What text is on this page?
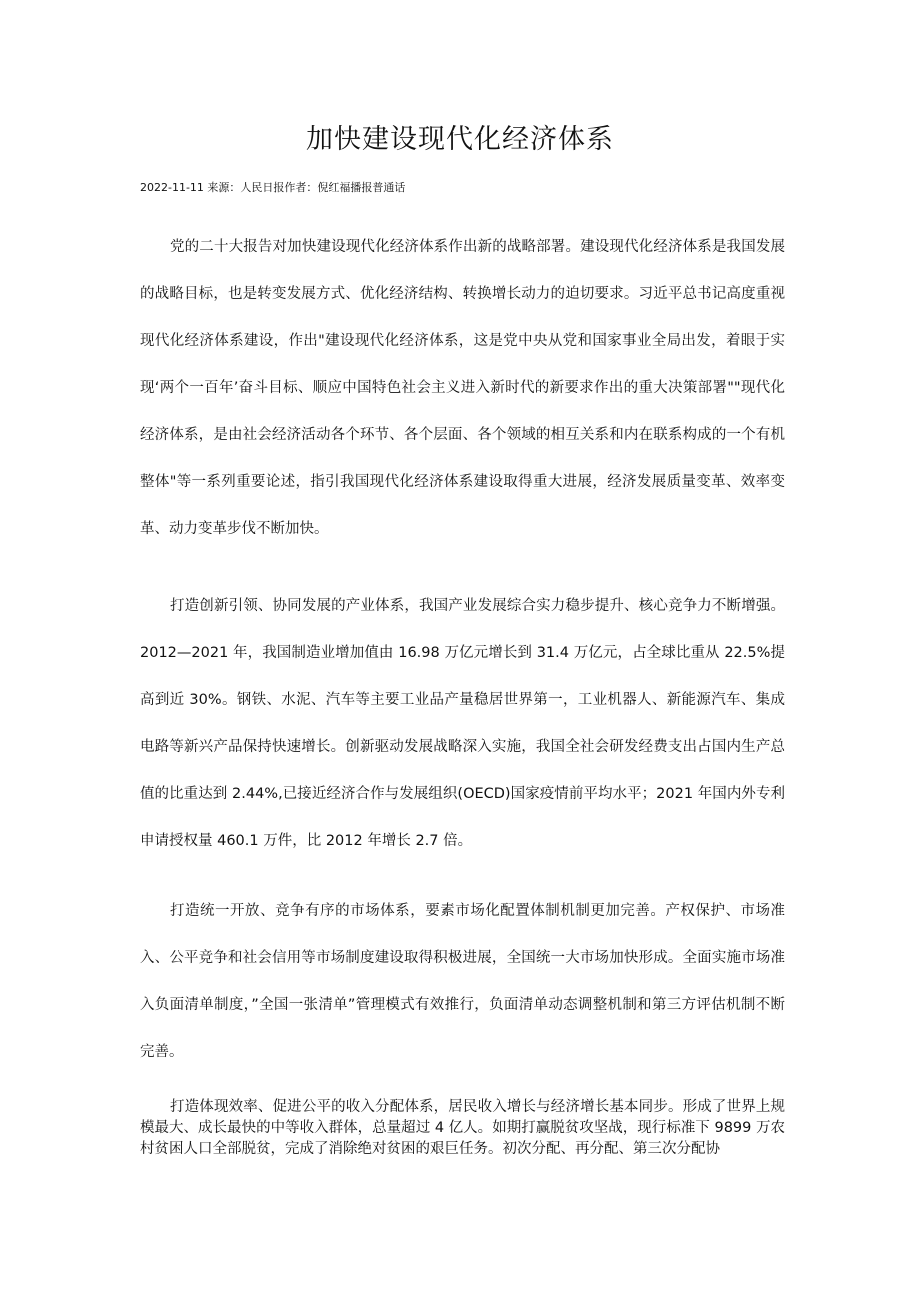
加快建设现代化经济体系
2022-11-11 来源：人民日报作者：倪红福播报普通话

党的二十大报告对加快建设现代化经济体系作出新的战略部署。建设现代化经济体系是我国发展的战略目标，也是转变发展方式、优化经济结构、转换增长动力的迫切要求。习近平总书记高度重视现代化经济体系建设，作出"建设现代化经济体系，这是党中央从党和国家事业全局出发，着眼于实现‘两个一百年’奋斗目标、顺应中国特色社会主义进入新时代的新要求作出的重大决策部署""现代化经济体系，是由社会经济活动各个环节、各个层面、各个领域的相互关系和内在联系构成的一个有机整体"等一系列重要论述，指引我国现代化经济体系建设取得重大进展，经济发展质量变革、效率变革、动力变革步伐不断加快。

打造创新引领、协同发展的产业体系，我国产业发展综合实力稳步提升、核心竞争力不断增强。2012—2021 年，我国制造业增加值由 16.98 万亿元增长到 31.4 万亿元，占全球比重从 22.5%提高到近 30%。钢铁、水泥、汽车等主要工业品产量稳居世界第一，工业机器人、新能源汽车、集成电路等新兴产品保持快速增长。创新驱动发展战略深入实施，我国全社会研发经费支出占国内生产总值的比重达到 2.44%,已接近经济合作与发展组织(OECD)国家疫情前平均水平；2021 年国内外专利申请授权量 460.1 万件，比 2012 年增长 2.7 倍。

打造统一开放、竞争有序的市场体系，要素市场化配置体制机制更加完善。产权保护、市场准入、公平竞争和社会信用等市场制度建设取得积极进展，全国统一大市场加快形成。全面实施市场准入负面清单制度，”全国一张清单”管理模式有效推行，负面清单动态调整机制和第三方评估机制不断完善。

打造体现效率、促进公平的收入分配体系，居民收入增长与经济增长基本同步。形成了世界上规模最大、成长最快的中等收入群体，总量超过 4 亿人。如期打赢脱贫攻坚战，现行标准下 9899 万农村贫困人口全部脱贫，完成了消除绝对贫困的艰巨任务。初次分配、再分配、第三次分配协
